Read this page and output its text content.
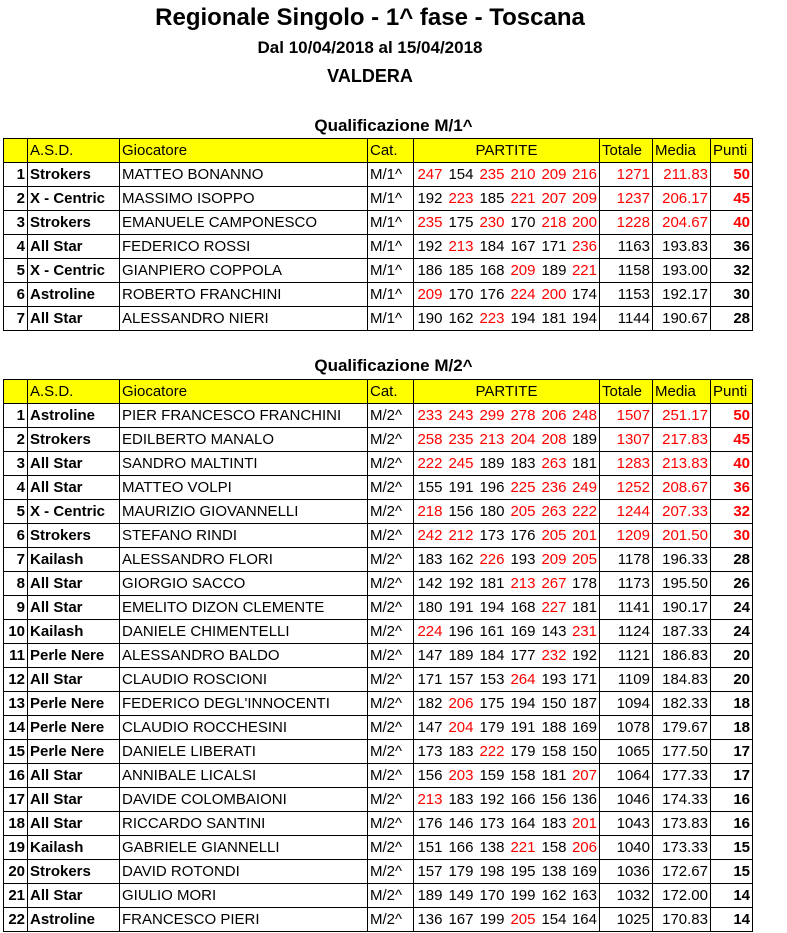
Regionale Singolo - 1^ fase - Toscana
Dal 10/04/2018 al 15/04/2018
VALDERA
Qualificazione M/1^
	A.S.D.	Giocatore	Cat.	PARTITE						Totale	Media	Punti
1	Strokers	MATTEO BONANNO	M/1^	247	154	235	210	209	216	1271	211.83	50
2	X - Centric	MASSIMO ISOPPO	M/1^	192	223	185	221	207	209	1237	206.17	45
3	Strokers	EMANUELE CAMPONESCO	M/1^	235	175	230	170	218	200	1228	204.67	40
4	All Star	FEDERICO ROSSI	M/1^	192	213	184	167	171	236	1163	193.83	36
5	X - Centric	GIANPIERO COPPOLA	M/1^	186	185	168	209	189	221	1158	193.00	32
6	Astroline	ROBERTO FRANCHINI	M/1^	209	170	176	224	200	174	1153	192.17	30
7	All Star	ALESSANDRO NIERI	M/1^	190	162	223	194	181	194	1144	190.67	28
Qualificazione M/2^
	A.S.D.	Giocatore	Cat.	PARTITE						Totale	Media	Punti
1	Astroline	PIER FRANCESCO FRANCHINI	M/2^	233	243	299	278	206	248	1507	251.17	50
2	Strokers	EDILBERTO MANALO	M/2^	258	235	213	204	208	189	1307	217.83	45
3	All Star	SANDRO MALTINTI	M/2^	222	245	189	183	263	181	1283	213.83	40
4	All Star	MATTEO VOLPI	M/2^	155	191	196	225	236	249	1252	208.67	36
5	X - Centric	MAURIZIO GIOVANNELLI	M/2^	218	156	180	205	263	222	1244	207.33	32
6	Strokers	STEFANO RINDI	M/2^	242	212	173	176	205	201	1209	201.50	30
7	Kailash	ALESSANDRO FLORI	M/2^	183	162	226	193	209	205	1178	196.33	28
8	All Star	GIORGIO SACCO	M/2^	142	192	181	213	267	178	1173	195.50	26
9	All Star	EMELITO DIZON CLEMENTE	M/2^	180	191	194	168	227	181	1141	190.17	24
10	Kailash	DANIELE CHIMENTELLI	M/2^	224	196	161	169	143	231	1124	187.33	24
11	Perle Nere	ALESSANDRO BALDO	M/2^	147	189	184	177	232	192	1121	186.83	20
12	All Star	CLAUDIO ROSCIONI	M/2^	171	157	153	264	193	171	1109	184.83	20
13	Perle Nere	FEDERICO DEGL'INNOCENTI	M/2^	182	206	175	194	150	187	1094	182.33	18
14	Perle Nere	CLAUDIO ROCCHESINI	M/2^	147	204	179	191	188	169	1078	179.67	18
15	Perle Nere	DANIELE LIBERATI	M/2^	173	183	222	179	158	150	1065	177.50	17
16	All Star	ANNIBALE LICALSI	M/2^	156	203	159	158	181	207	1064	177.33	17
17	All Star	DAVIDE COLOMBAIONI	M/2^	213	183	192	166	156	136	1046	174.33	16
18	All Star	RICCARDO SANTINI	M/2^	176	146	173	164	183	201	1043	173.83	16
19	Kailash	GABRIELE GIANNELLI	M/2^	151	166	138	221	158	206	1040	173.33	15
20	Strokers	DAVID ROTONDI	M/2^	157	179	198	195	138	169	1036	172.67	15
21	All Star	GIULIO MORI	M/2^	189	149	170	199	162	163	1032	172.00	14
22	Astroline	FRANCESCO PIERI	M/2^	136	167	199	205	154	164	1025	170.83	14
